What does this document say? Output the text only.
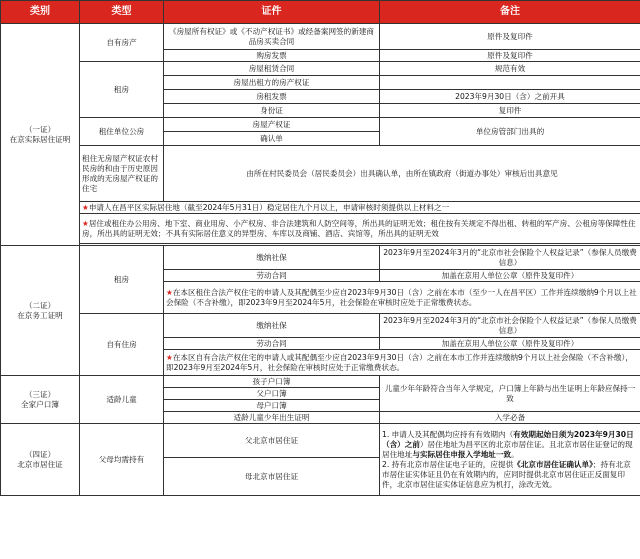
类别	类型	证件	备注
（一证）
在京实际居住证明	自有房产	《房屋所有权证》或《不动产权证书》或经备案网签的新建商品房买卖合同	原件及复印件
		购房发票	原件及复印件
	租房	房屋租赁合同	规范有效
		房屋出租方的房产权证	
		房租发票	2023年9月30日（含）之前开具
		身份证	复印件
	租住单位公房	房屋产权证	单位房管部门出具的
		确认单	
	租住无房屋产权证农村民房的和由于历史原因形成的无房屋产权证的住宅	由所在村民委员会（居民委员会）出具确认单，由所在镇政府（街道办事处）审核后出具意见	
	★申请人在昌平区实际居住地（截至2024年5月31日）稳定居住九个月以上，申请审核时须提供以上材料之一		
	★居住或租住办公用房、地下室、商业用房、小产权房、非合法建筑和人防空间等，所出具的证明无效；租住按有关规定不得出租、转租的军产房、公租房等保障性住房，所出具的证明无效；不具有实际居住意义的异型房、车库以及商铺、酒店、宾馆等，所出具的证明无效		

（二证）
在京务工证明	租房	缴纳社保	2023年9月至2024年3月的“北京市社会保险个人权益记录”（参保人员缴费信息）
		劳动合同	加盖在京用人单位公章（原件及复印件）
		★在本区租住合法产权住宅的申请人及其配偶至少应自2023年9月30日（含）之前在本市（至少一人在昌平区）工作并连续缴纳9个月以上社会保险（不含补缴），即2023年9月至2024年5月，社会保险在审核时应处于正常缴费状态。	
	自有住房	缴纳社保	2023年9月至2024年3月的“北京市社会保险个人权益记录”（参保人员缴费信息）
		劳动合同	加盖在京用人单位公章（原件及复印件）
		★在本区自有合法产权住宅的申请人或其配偶至少应自2023年9月30日（含）之前在本市工作并连续缴纳9个月以上社会保险（不含补缴），即2023年9月至2024年5月，社会保险在审核时应处于正常缴费状态。	
（三证）
全家户口簿	适龄儿童	孩子户口簿	儿童少年年龄符合当年入学规定，户口簿上年龄与出生证明上年龄应保持一致
		父户口簿	
		母户口簿	
		适龄儿童少年出生证明	入学必备
（四证）
北京市居住证	父母均需持有	父北京市居住证	1. 申请人及其配偶均应持有有效期内（有效期起始日须为2023年9月30日（含）之前）居住地址为昌平区的北京市居住证。且北京市居住证登记的现居住地址与实际居住申报入学地址一致。
2. 持有北京市居住证电子证的，应提供《北京市居住证确认单》；持有北京市居住证实体证且仍在有效期内的，应同时提供北京市居住证正反面复印件，北京市居住证实体证信息应为机打，涂改无效。
		母北京市居住证	
